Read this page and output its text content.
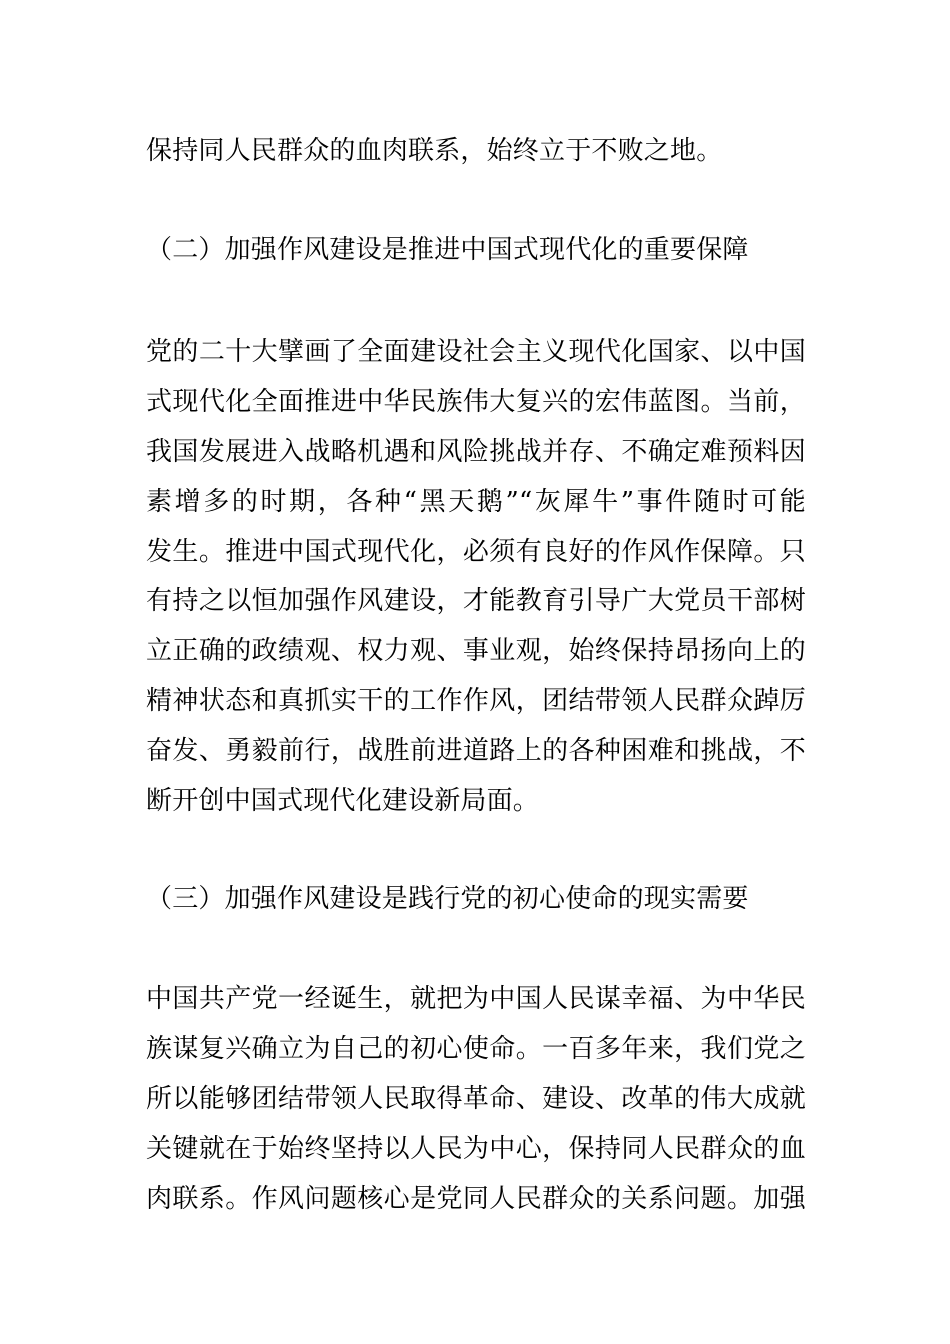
保持同人民群众的血肉联系，始终立于不败之地。
（二）加强作风建设是推进中国式现代化的重要保障
党的二十大擘画了全面建设社会主义现代化国家、以中国
式现代化全面推进中华民族伟大复兴的宏伟蓝图。当前，
我国发展进入战略机遇和风险挑战并存、不确定难预料因
素增多的时期，各种“黑天鹅”“灰犀牛”事件随时可能
发生。推进中国式现代化，必须有良好的作风作保障。只
有持之以恒加强作风建设，才能教育引导广大党员干部树
立正确的政绩观、权力观、事业观，始终保持昂扬向上的
精神状态和真抓实干的工作作风，团结带领人民群众踔厉
奋发、勇毅前行，战胜前进道路上的各种困难和挑战，不
断开创中国式现代化建设新局面。
（三）加强作风建设是践行党的初心使命的现实需要
中国共产党一经诞生，就把为中国人民谋幸福、为中华民
族谋复兴确立为自己的初心使命。一百多年来，我们党之
所以能够团结带领人民取得革命、建设、改革的伟大成就
关键就在于始终坚持以人民为中心，保持同人民群众的血
肉联系。作风问题核心是党同人民群众的关系问题。加强
